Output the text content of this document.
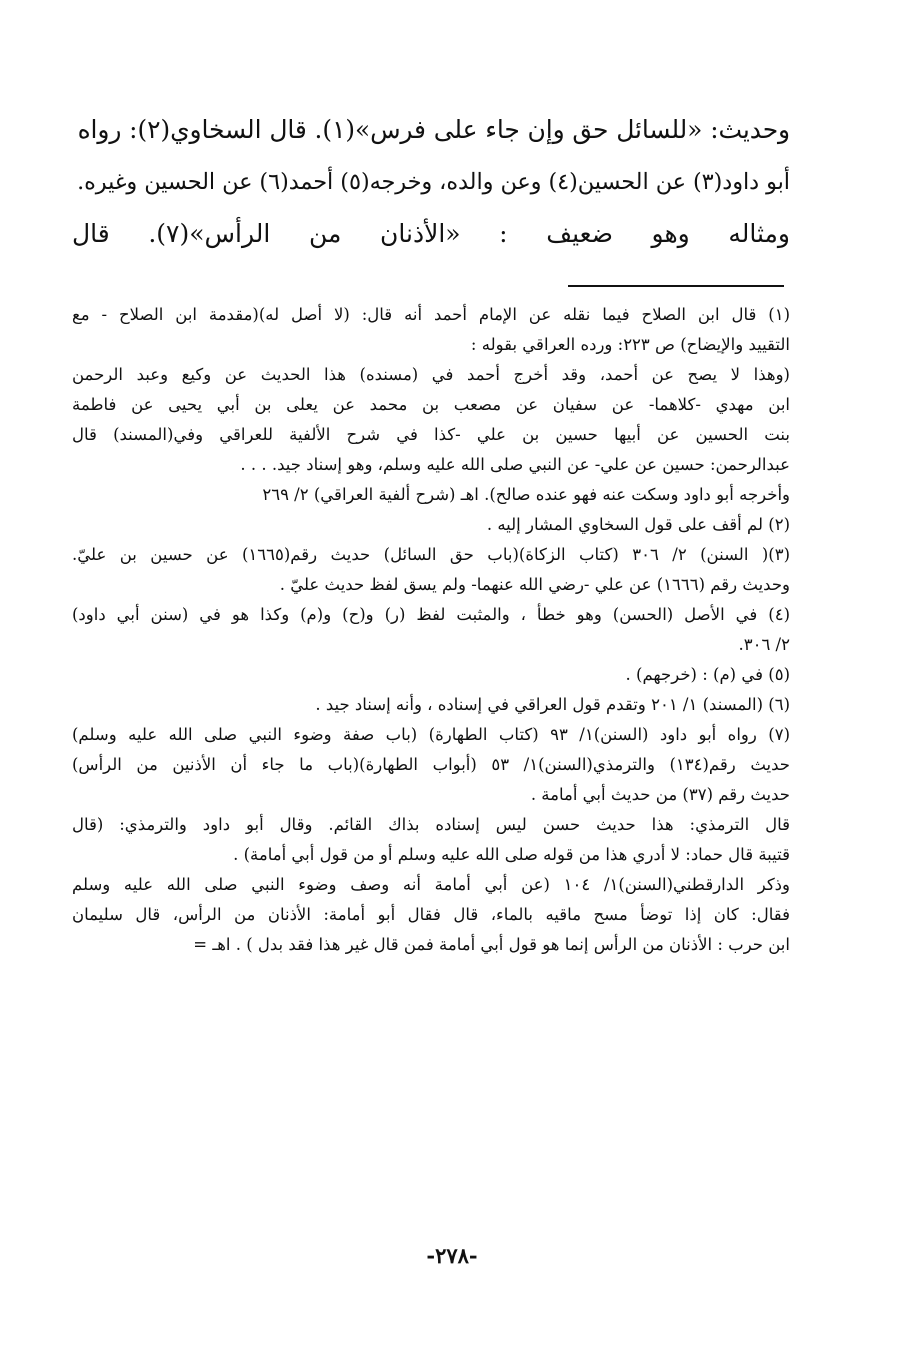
وحديث: «للسائل حق وإن جاء على فرس»(١). قال السخاوي(٢): رواه
أبو داود(٣) عن الحسين(٤) وعن والده، وخرجه(٥) أحمد(٦) عن الحسين وغيره.
ومثاله وهو ضعيف : «الأذنان من الرأس»(٧). قال
(١) قال ابن الصلاح فيما نقله عن الإمام أحمد أنه قال: (لا أصل له)(مقدمة ابن الصلاح - مع
التقييد والإيضاح) ص ٢٢٣: ورده العراقي بقوله :
(وهذا لا يصح عن أحمد، وقد أخرج أحمد في (مسنده) هذا الحديث عن وكيع وعبد الرحمن
ابن مهدي -كلاهما- عن سفيان عن مصعب بن محمد عن يعلى بن أبي يحيى عن فاطمة
بنت الحسين عن أبيها حسين بن علي -كذا في شرح الألفية للعراقي وفي(المسند) قال
عبدالرحمن: حسين عن علي- عن النبي صلى الله عليه وسلم، وهو إسناد جيد. . . .
وأخرجه أبو داود وسكت عنه فهو عنده صالح). اهـ (شرح ألفية العراقي) ٢/ ٢٦٩
(٢) لم أقف على قول السخاوي المشار إليه .
(٣)( السنن) ٢/ ٣٠٦ (كتاب الزكاة)(باب حق السائل) حديث رقم(١٦٦٥) عن حسين بن عليّ.
وحديث رقم (١٦٦٦) عن علي -رضي الله عنهما- ولم يسق لفظ حديث عليّ .
(٤) في الأصل (الحسن) وهو خطأ ، والمثبت لفظ (ر) و(ح) و(م) وكذا هو في (سنن أبي داود)
٢/ ٣٠٦.
(٥) في (م) : (خرجهم) .
(٦) (المسند) ١/ ٢٠١ وتقدم قول العراقي في إسناده ، وأنه إسناد جيد .
(٧) رواه أبو داود (السنن)١/ ٩٣ (كتاب الطهارة) (باب صفة وضوء النبي صلى الله عليه وسلم)
حديث رقم(١٣٤) والترمذي(السنن)١/ ٥٣ (أبواب الطهارة)(باب ما جاء أن الأذنين من الرأس)
حديث رقم (٣٧) من حديث أبي أمامة .
قال الترمذي: هذا حديث حسن ليس إسناده بذاك القائم. وقال أبو داود والترمذي: (قال
قتيبة قال حماد: لا أدري هذا من قوله صلى الله عليه وسلم أو من قول أبي أمامة) .
وذكر الدارقطني(السنن)١/ ١٠٤ (عن أبي أمامة أنه وصف وضوء النبي صلى الله عليه وسلم
فقال: كان إذا توضأ مسح ماقيه بالماء، قال فقال أبو أمامة: الأذنان من الرأس، قال سليمان
ابن حرب : الأذنان من الرأس إنما هو قول أبي أمامة فمن قال غير هذا فقد بدل ) . اهـ =
-٢٧٨-
